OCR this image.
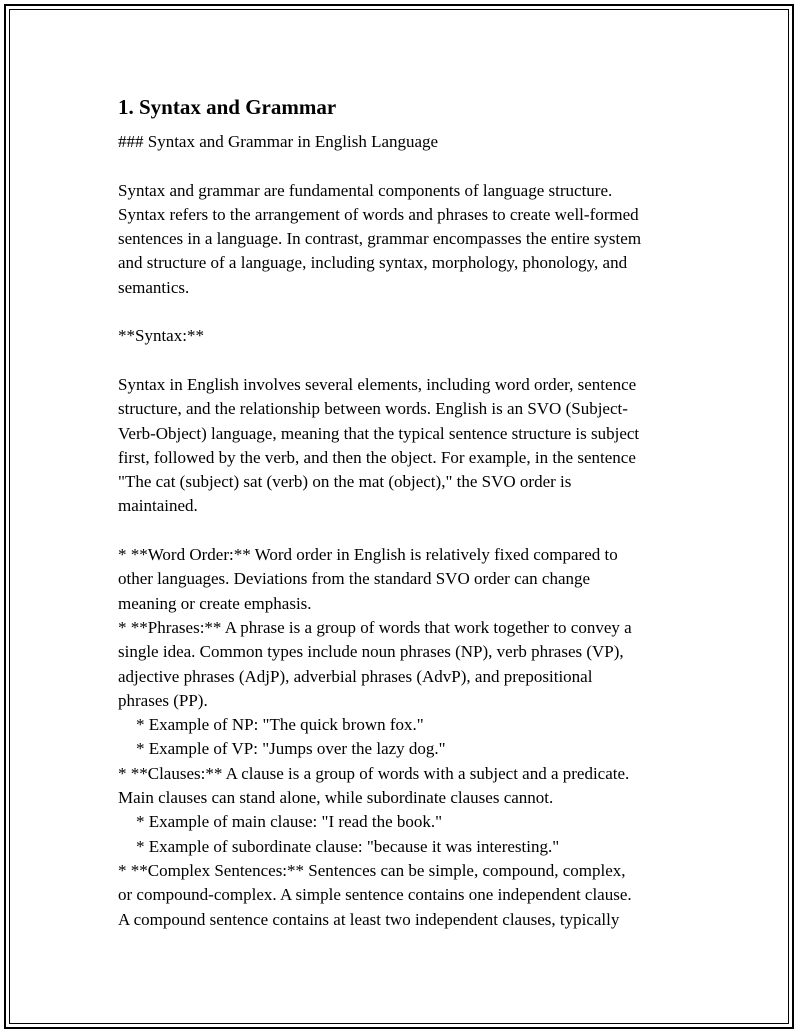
1. Syntax and Grammar

### Syntax and Grammar in English Language

Syntax and grammar are fundamental components of language structure.

Syntax refers to the arrangement of words and phrases to create well-formed

sentences in a language. In contrast, grammar encompasses the entire system

and structure of a language, including syntax, morphology, phonology, and

semantics.

**Syntax:**

Syntax in English involves several elements, including word order, sentence

structure, and the relationship between words. English is an SVO (Subject-

Verb-Object) language, meaning that the typical sentence structure is subject

first, followed by the verb, and then the object. For example, in the sentence

"The cat (subject) sat (verb) on the mat (object)," the SVO order is

maintained.

* **Word Order:** Word order in English is relatively fixed compared to

other languages. Deviations from the standard SVO order can change

meaning or create emphasis.

* **Phrases:** A phrase is a group of words that work together to convey a

single idea. Common types include noun phrases (NP), verb phrases (VP),

adjective phrases (AdjP), adverbial phrases (AdvP), and prepositional

phrases (PP).

* Example of NP: "The quick brown fox."

* Example of VP: "Jumps over the lazy dog."

* **Clauses:** A clause is a group of words with a subject and a predicate.

Main clauses can stand alone, while subordinate clauses cannot.

* Example of main clause: "I read the book."

* Example of subordinate clause: "because it was interesting."

* **Complex Sentences:** Sentences can be simple, compound, complex,

or compound-complex. A simple sentence contains one independent clause.

A compound sentence contains at least two independent clauses, typically
